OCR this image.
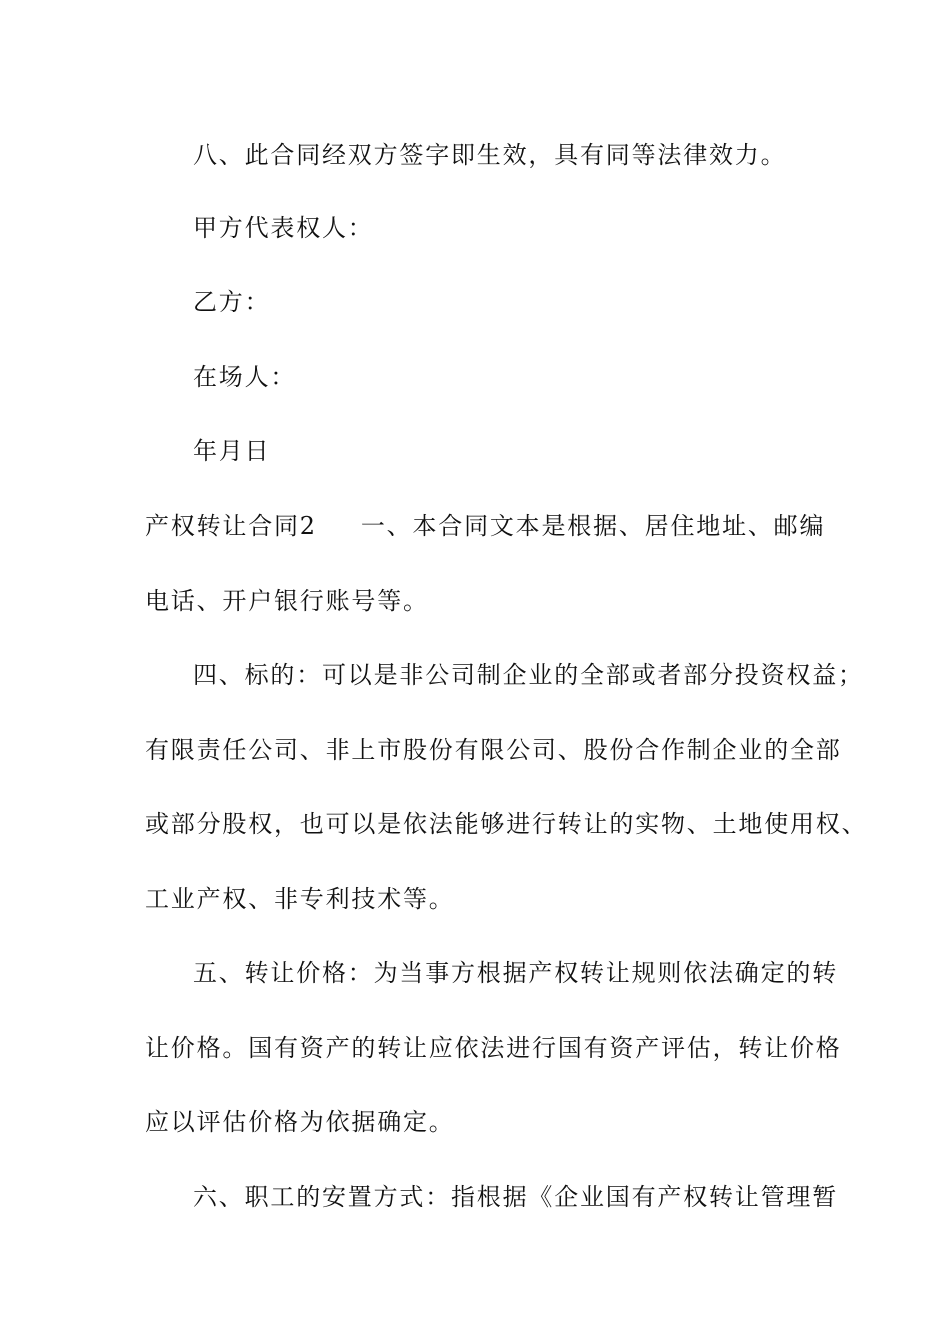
八、此合同经双方签字即生效，具有同等法律效力。
甲方代表权人：
乙方：
在场人：
年月日
产权转让合同2 一、本合同文本是根据、居住地址、邮编
电话、开户银行账号等。
四、标的：可以是非公司制企业的全部或者部分投资权益；
有限责任公司、非上市股份有限公司、股份合作制企业的全部
或部分股权，也可以是依法能够进行转让的实物、土地使用权、
工业产权、非专利技术等。
五、转让价格：为当事方根据产权转让规则依法确定的转
让价格。国有资产的转让应依法进行国有资产评估，转让价格
应以评估价格为依据确定。
六、职工的安置方式：指根据《企业国有产权转让管理暂
